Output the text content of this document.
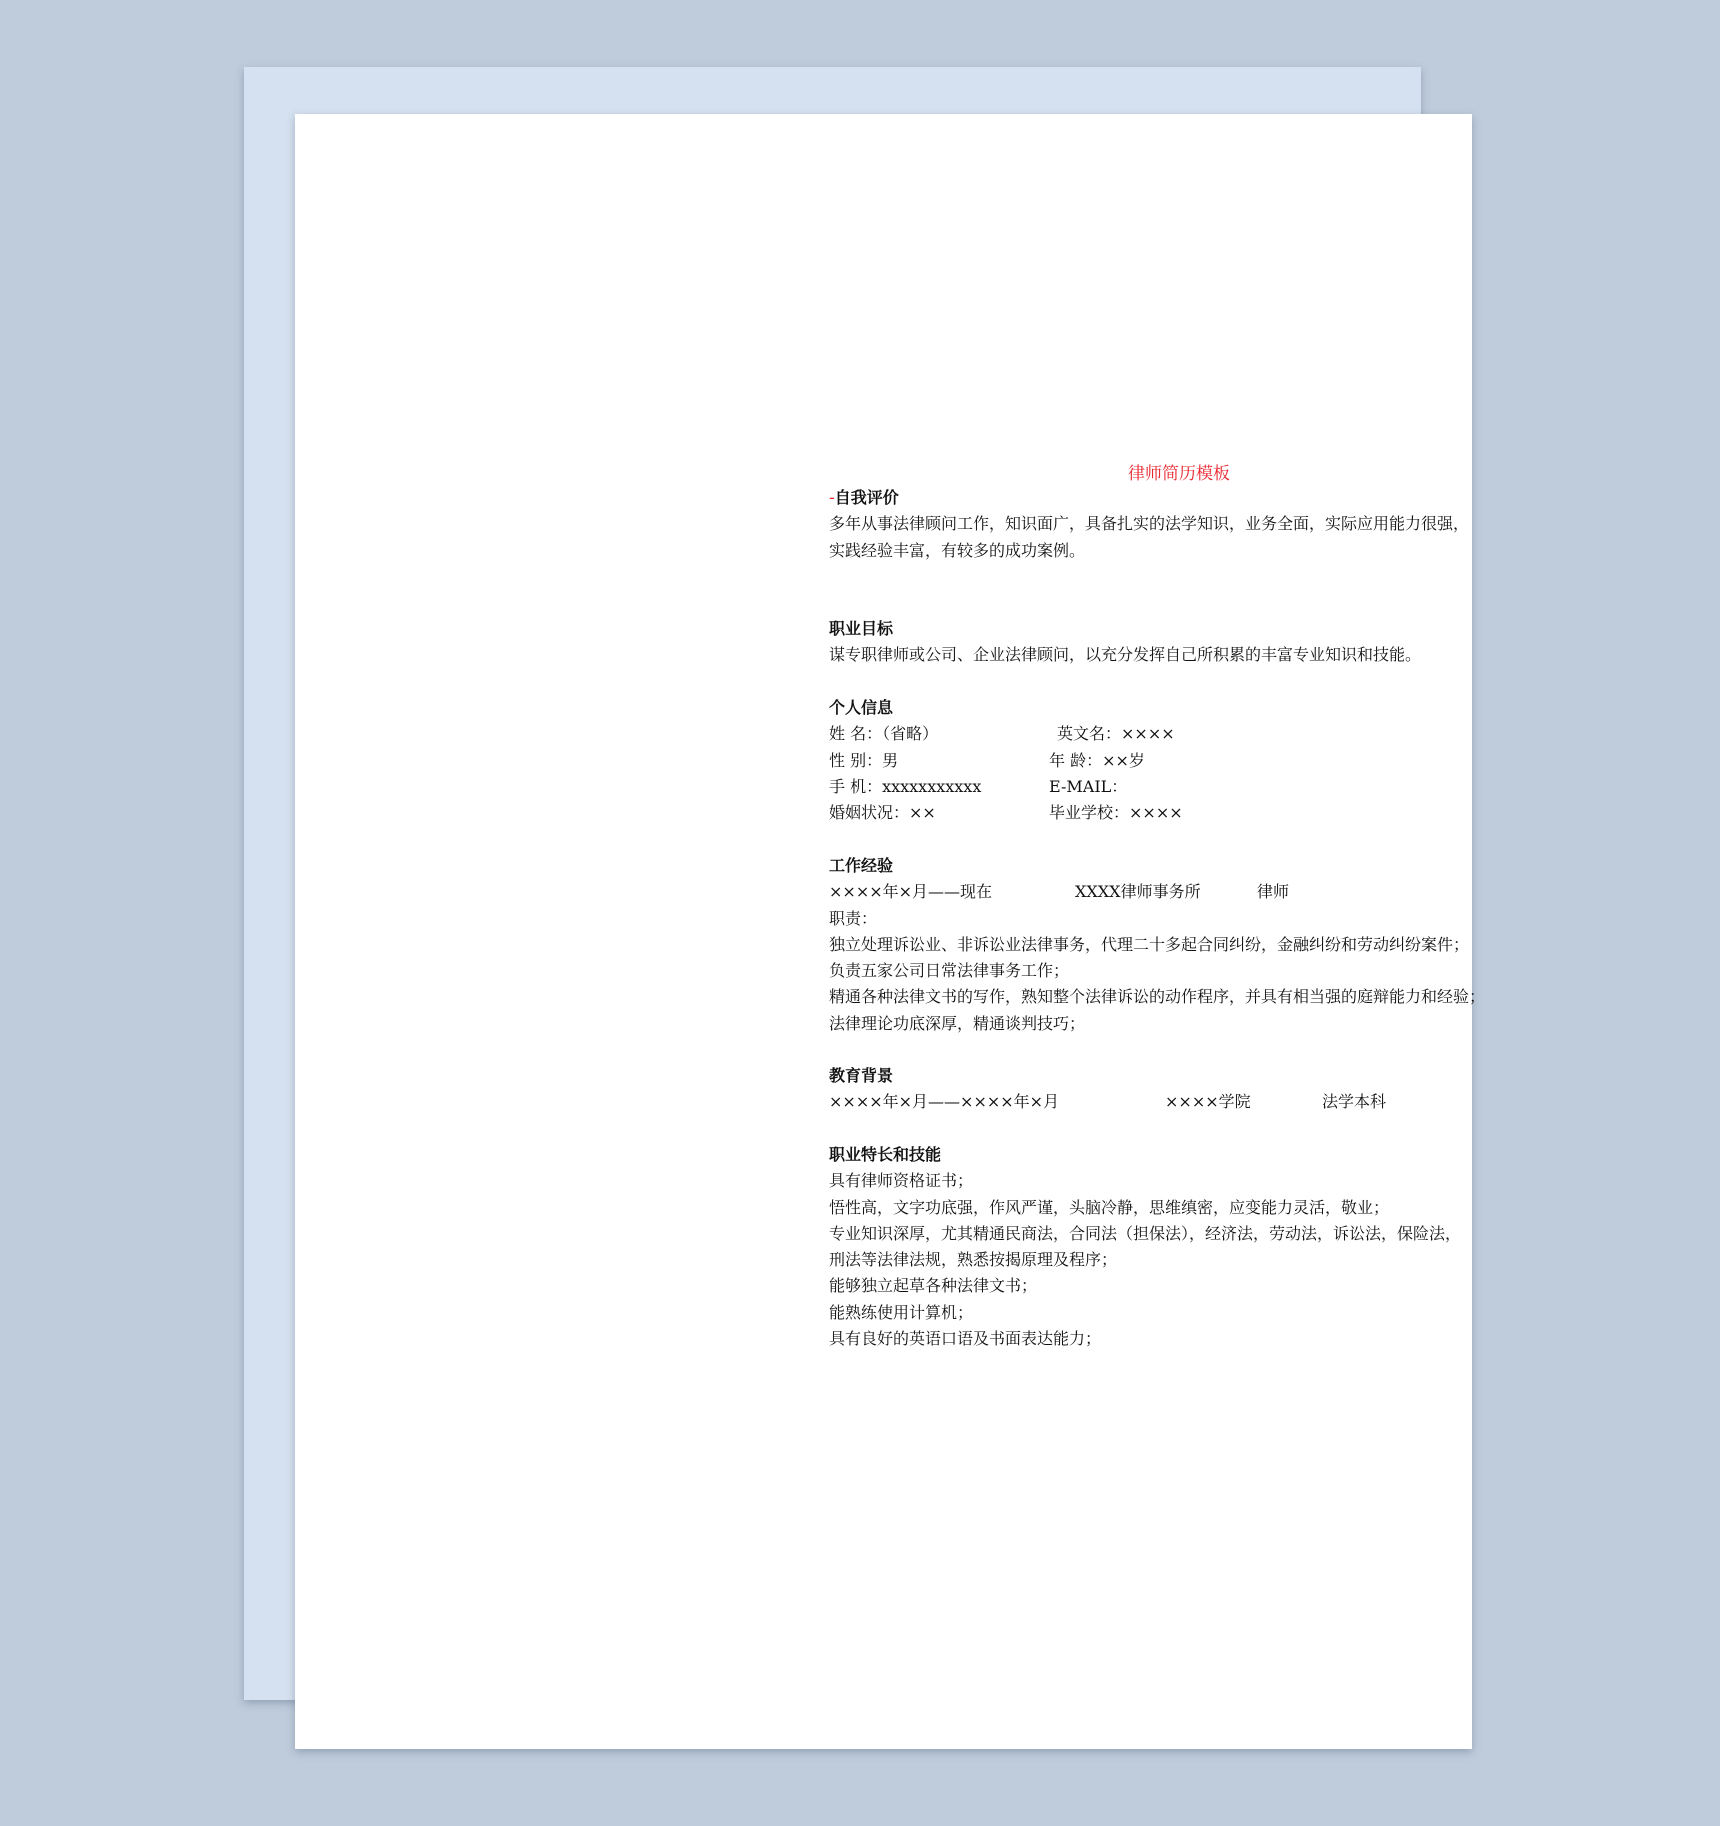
律师简历模板
-自我评价
多年从事法律顾问工作，知识面广，具备扎实的法学知识，业务全面，实际应用能力很强，
实践经验丰富，有较多的成功案例。
职业目标
谋专职律师或公司、企业法律顾问，以充分发挥自己所积累的丰富专业知识和技能。
个人信息
姓 名：（省略）	英文名：××××
性 别：男	年 龄：××岁
手 机：xxxxxxxxxxx	E-MAIL：
婚姻状况：××	毕业学校：××××
工作经验
××××年×月——现在	XXXX律师事务所	律师
职责：
独立处理诉讼业、非诉讼业法律事务，代理二十多起合同纠纷，金融纠纷和劳动纠纷案件；
负责五家公司日常法律事务工作；
精通各种法律文书的写作，熟知整个法律诉讼的动作程序，并具有相当强的庭辩能力和经验；
法律理论功底深厚，精通谈判技巧；
教育背景
××××年×月——××××年×月	××××学院	法学本科
职业特长和技能
具有律师资格证书；
悟性高，文字功底强，作风严谨，头脑冷静，思维缜密，应变能力灵活，敬业；
专业知识深厚，尤其精通民商法，合同法（担保法），经济法，劳动法，诉讼法，保险法，
刑法等法律法规，熟悉按揭原理及程序；
能够独立起草各种法律文书；
能熟练使用计算机；
具有良好的英语口语及书面表达能力；
